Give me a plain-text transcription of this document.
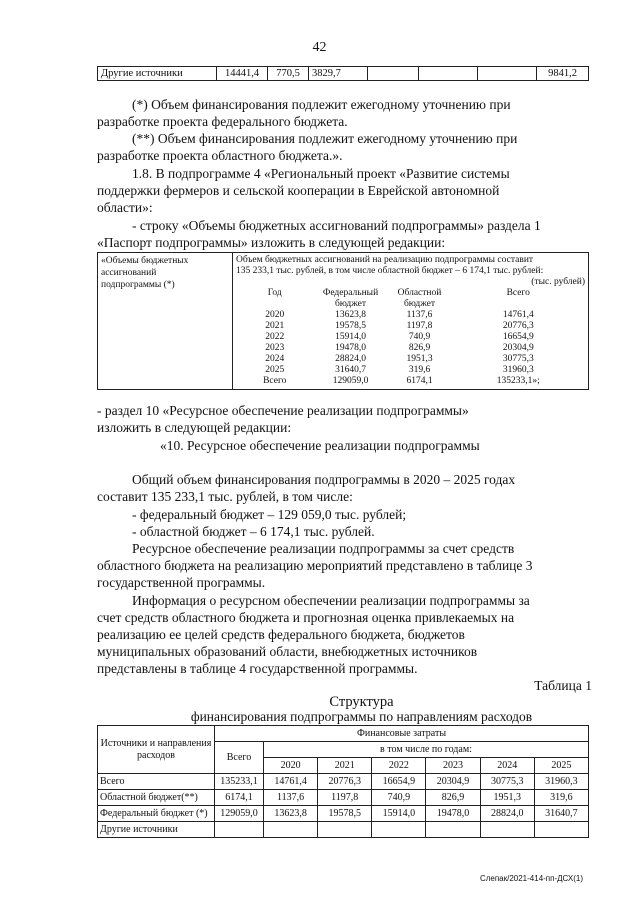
42
Другие источники	14441,4	770,5	3829,7				9841,2
(*) Объем финансирования подлежит ежегодному уточнению при
разработке проекта федерального бюджета.
(**) Объем финансирования подлежит ежегодному уточнению при
разработке проекта областного бюджета.».
1.8. В подпрограмме 4 «Региональный проект «Развитие системы
поддержки фермеров и сельской кооперации в Еврейской автономной
области»:
- строку «Объемы бюджетных ассигнований подпрограммы» раздела 1
«Паспорт подпрограммы» изложить в следующей редакции:
«Объемы бюджетных
ассигнований
подпрограммы (*)

Объем бюджетных ассигнований на реализацию подпрограммы составит
135 233,1 тыс. рублей, в том числе областной бюджет – 6 174,1 тыс. рублей:
(тыс. рублей)
Год	Федеральный бюджет	Областной бюджет	Всего
2020	13623,8	1137,6	14761,4
2021	19578,5	1197,8	20776,3
2022	15914,0	740,9	16654,9
2023	19478,0	826,9	20304,9
2024	28824,0	1951,3	30775,3
2025	31640,7	319,6	31960,3
Всего	129059,0	6174,1	135233,1»;
- раздел 10 «Ресурсное обеспечение реализации подпрограммы»
изложить в следующей редакции:
«10. Ресурсное обеспечение реализации подпрограммы
Общий объем финансирования подпрограммы в 2020 – 2025 годах
составит 135 233,1 тыс. рублей, в том числе:
- федеральный бюджет – 129 059,0 тыс. рублей;
- областной бюджет – 6 174,1 тыс. рублей.
Ресурсное обеспечение реализации подпрограммы за счет средств
областного бюджета на реализацию мероприятий представлено в таблице 3
государственной программы.
Информация о ресурсном обеспечении реализации подпрограммы за
счет средств областного бюджета и прогнозная оценка привлекаемых на
реализацию ее целей средств федерального бюджета, бюджетов
муниципальных образований области, внебюджетных источников
представлены в таблице 4 государственной программы.
Таблица 1
Структура
финансирования подпрограммы по направлениям расходов
Источники и направления расходов	Финансовые затраты						
	Всего	в том числе по годам:					
		2020	2021	2022	2023	2024	2025
Всего	135233,1	14761,4	20776,3	16654,9	20304,9	30775,3	31960,3
Областной бюджет(**)	6174,1	1137,6	1197,8	740,9	826,9	1951,3	319,6
Федеральный бюджет (*)	129059,0	13623,8	19578,5	15914,0	19478,0	28824,0	31640,7
Другие источники							
Слепак/2021-414-пп-ДСХ(1)
